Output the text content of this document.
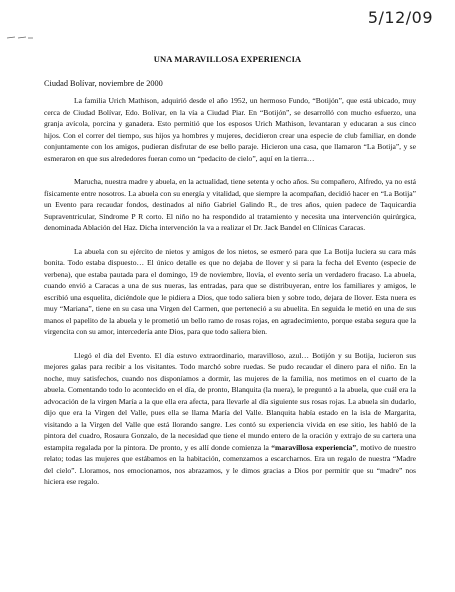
5/12/09
UNA MARAVILLOSA EXPERIENCIA
Ciudad Bolívar, noviembre de 2000

La familia Urich Mathison, adquirió desde el año 1952, un hermoso Fundo, “Botijón”, que está ubicado, muy cerca de Ciudad Bolívar, Edo. Bolívar, en la vía a Ciudad Piar. En “Botijón”, se desarrolló con mucho esfuerzo, una granja avícola, porcina y ganadera. Esto permitió que los esposos Urich Mathison, levantaran y educaran a sus cinco hijos. Con el correr del tiempo, sus hijos ya hombres y mujeres, decidieron crear una especie de club familiar, en donde conjuntamente con los amigos, pudieran disfrutar de ese bello paraje. Hicieron una casa, que llamaron “La Botija”, y se esmeraron en que sus alrededores fueran como un “pedacito de cielo”, aquí en la tierra…

Marucha, nuestra madre y abuela, en la actualidad, tiene setenta y ocho años. Su compañero, Alfredo, ya no está físicamente entre nosotros. La abuela con su energía y vitalidad, que siempre la acompañan, decidió hacer en “La Botija” un Evento para recaudar fondos, destinados al niño Gabriel Galindo R., de tres años, quien padece de Taquicardia Supraventricular, Síndrome P R corto. El niño no ha respondido al tratamiento y necesita una intervención quirúrgica, denominada Ablación del Haz. Dicha intervención la va a realizar el Dr. Jack Bandel en Clínicas Caracas.

La abuela con su ejército de nietos y amigos de los nietos, se esmeró para que La Botija luciera su cara más bonita. Todo estaba dispuesto… El único detalle es que no dejaba de llover y si para la fecha del Evento (especie de verbena), que estaba pautada para el domingo, 19 de noviembre, llovía, el evento sería un verdadero fracaso. La abuela, cuando envió a Caracas a una de sus nueras, las entradas, para que se distribuyeran, entre los familiares y amigos, le escribió una esquelita, diciéndole que le pidiera a Dios, que todo saliera bien y sobre todo, dejara de llover. Esta nuera es muy “Mariana”, tiene en su casa una Virgen del Carmen, que perteneció a su abuelita. En seguida le metió en una de sus manos el papelito de la abuela y le prometió un bello ramo de rosas rojas, en agradecimiento, porque estaba segura que la virgencita con su amor, intercedería ante Dios, para que todo saliera bien.

Llegó el día del Evento. El día estuvo extraordinario, maravilloso, azul… Botijón y su Botija, lucieron sus mejores galas para recibir a los visitantes. Todo marchó sobre ruedas. Se pudo recaudar el dinero para el niño. En la noche, muy satisfechos, cuando nos disponíamos a dormir, las mujeres de la familia, nos metimos en el cuarto de la abuela. Comentando todo lo acontecido en el día, de pronto, Blanquita (la nuera), le preguntó a la abuela, que cuál era la advocación de la virgen María a la que ella era afecta, para llevarle al día siguiente sus rosas rojas. La abuela sin dudarlo, dijo que era la Virgen del Valle, pues ella se llama María del Valle. Blanquita había estado en la isla de Margarita, visitando a la Virgen del Valle que está llorando sangre. Les contó su experiencia vivida en ese sitio, les habló de la pintora del cuadro, Rosaura Gonzalo, de la necesidad que tiene el mundo entero de la oración y extrajo de su cartera una estampita regalada por la pintora. De pronto, y es allí donde comienza la “maravillosa experiencia”, motivo de nuestro relato; todas las mujeres que estábamos en la habitación, comenzamos a escarcharnos. Era un regalo de nuestra “Madre del cielo”. Lloramos, nos emocionamos, nos abrazamos, y le dimos gracias a Dios por permitir que su “madre” nos hiciera ese regalo.
